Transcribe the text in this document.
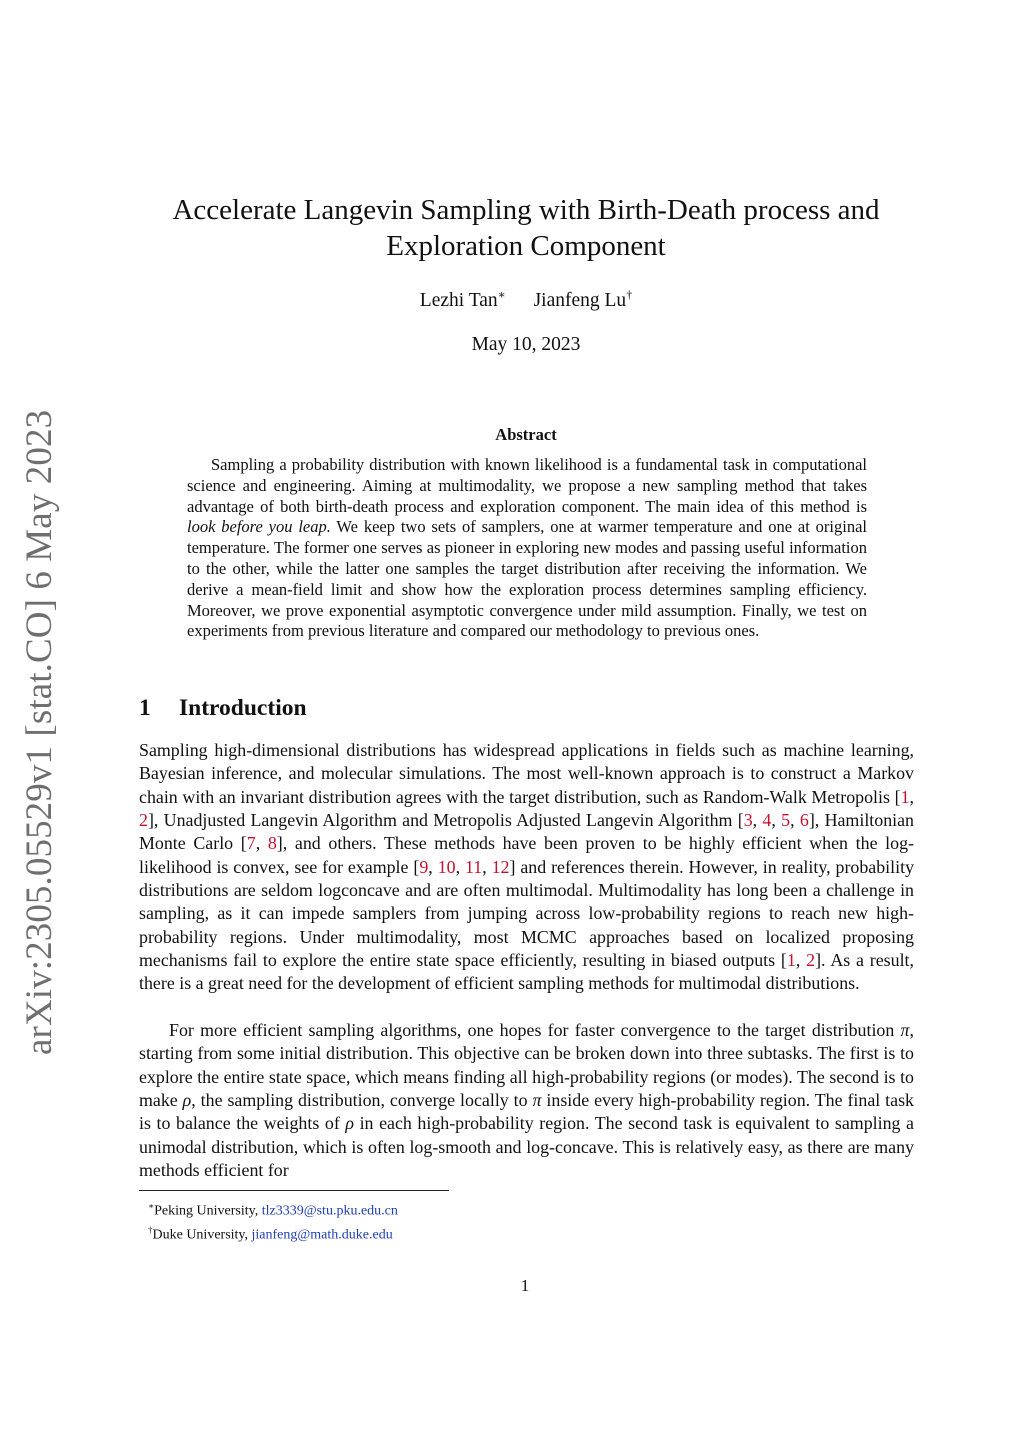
arXiv:2305.05529v1 [stat.CO] 6 May 2023
Accelerate Langevin Sampling with Birth-Death process and
Exploration Component
Lezhi Tan∗ Jianfeng Lu†
May 10, 2023
Abstract

Sampling a probability distribution with known likelihood is a fundamental task in computational science and engineering. Aiming at multimodality, we propose a new sampling method that takes advantage of both birth-death process and exploration component. The main idea of this method is look before you leap. We keep two sets of samplers, one at warmer temperature and one at original temperature. The former one serves as pioneer in exploring new modes and passing useful information to the other, while the latter one samples the target distribution after receiving the information. We derive a mean-field limit and show how the exploration process determines sampling efficiency. Moreover, we prove exponential asymptotic convergence under mild assumption. Finally, we test on experiments from previous literature and compared our methodology to previous ones.

1 Introduction

Sampling high-dimensional distributions has widespread applications in fields such as machine learning, Bayesian inference, and molecular simulations. The most well-known approach is to construct a Markov chain with an invariant distribution agrees with the target distribution, such as Random-Walk Metropolis [1, 2], Unadjusted Langevin Algorithm and Metropolis Adjusted Langevin Algorithm [3, 4, 5, 6], Hamiltonian Monte Carlo [7, 8], and others. These methods have been proven to be highly efficient when the log-likelihood is convex, see for example [9, 10, 11, 12] and references therein. However, in reality, probability distributions are seldom logconcave and are often multimodal. Multimodality has long been a challenge in sampling, as it can impede samplers from jumping across low-probability regions to reach new high-probability regions. Under multimodality, most MCMC approaches based on localized proposing mechanisms fail to explore the entire state space efficiently, resulting in biased outputs [1, 2]. As a result, there is a great need for the development of efficient sampling methods for multimodal distributions.

For more efficient sampling algorithms, one hopes for faster convergence to the target distribution π, starting from some initial distribution. This objective can be broken down into three subtasks. The first is to explore the entire state space, which means finding all high-probability regions (or modes). The second is to make ρ, the sampling distribution, converge locally to π inside every high-probability region. The final task is to balance the weights of ρ in each high-probability region. The second task is equivalent to sampling a unimodal distribution, which is often log-smooth and log-concave. This is relatively easy, as there are many methods efficient for

∗Peking University, tlz3339@stu.pku.edu.cn
†Duke University, jianfeng@math.duke.edu
1
